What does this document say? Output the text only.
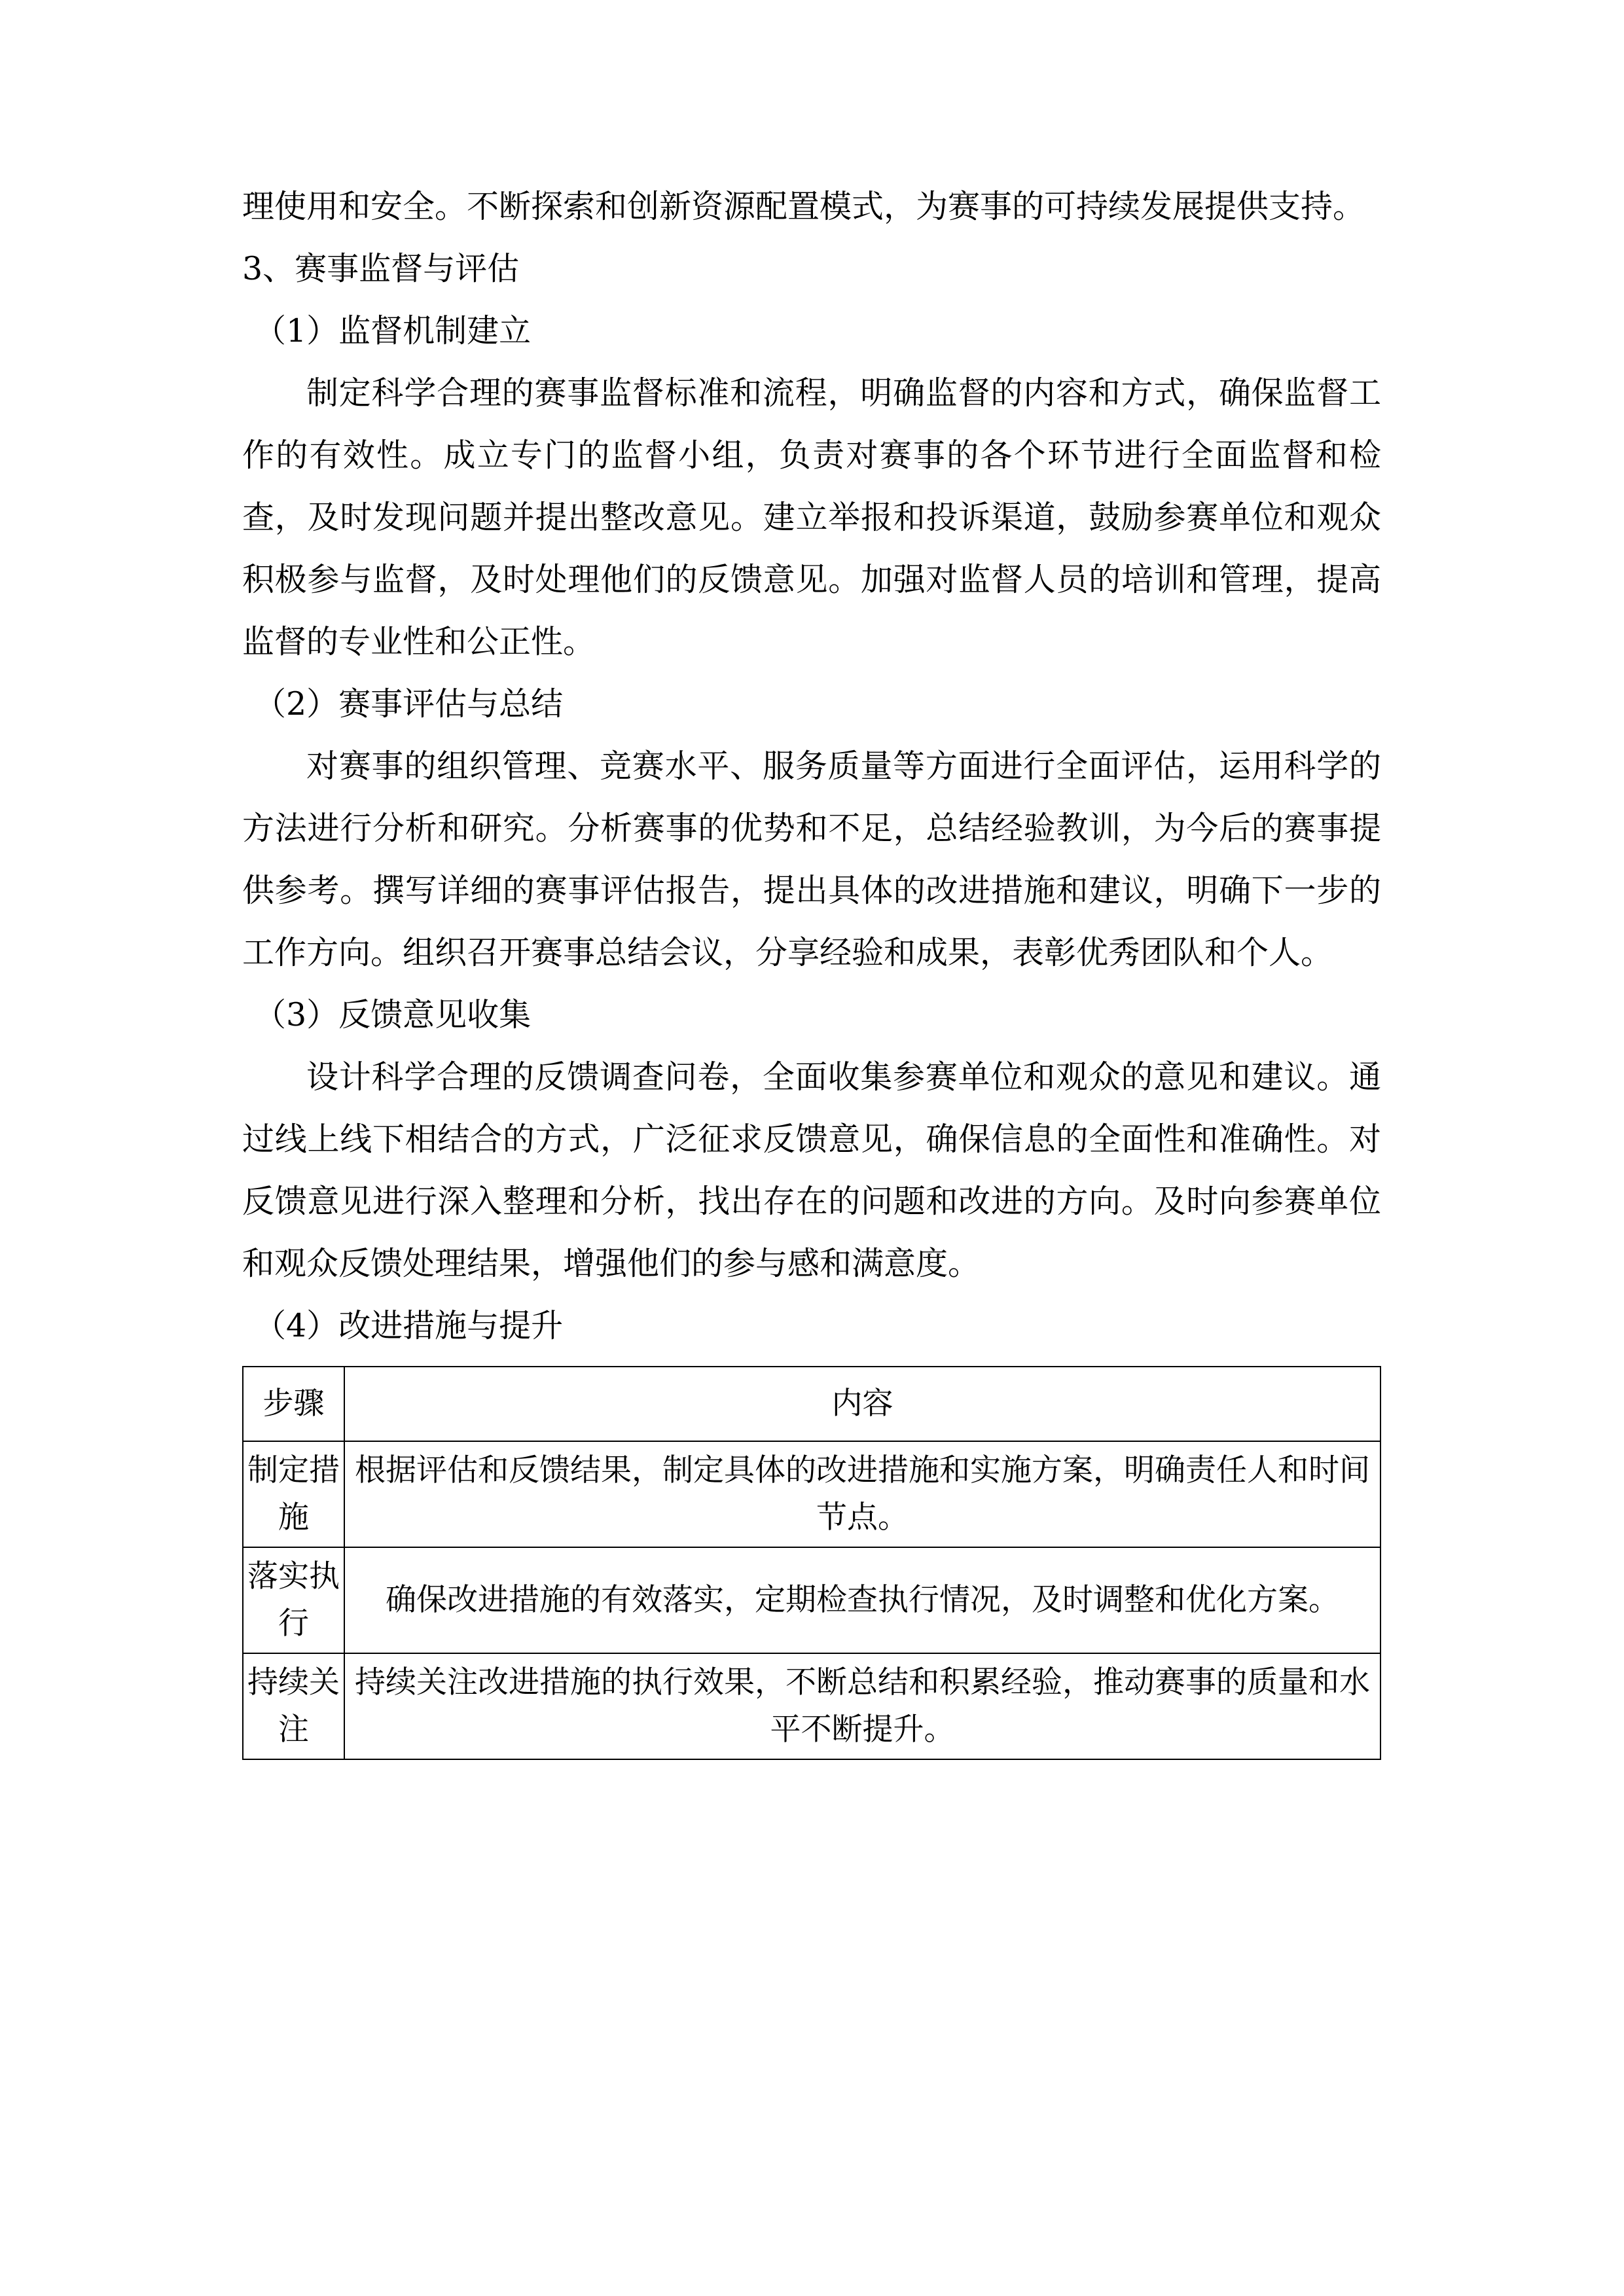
理使用和安全。不断探索和创新资源配置模式，为赛事的可持续发展提供支持。

3、赛事监督与评估

（1）监督机制建立

制定科学合理的赛事监督标准和流程，明确监督的内容和方式，确保监督工作的有效性。成立专门的监督小组，负责对赛事的各个环节进行全面监督和检查，及时发现问题并提出整改意见。建立举报和投诉渠道，鼓励参赛单位和观众积极参与监督，及时处理他们的反馈意见。加强对监督人员的培训和管理，提高监督的专业性和公正性。

（2）赛事评估与总结

对赛事的组织管理、竞赛水平、服务质量等方面进行全面评估，运用科学的方法进行分析和研究。分析赛事的优势和不足，总结经验教训，为今后的赛事提供参考。撰写详细的赛事评估报告，提出具体的改进措施和建议，明确下一步的工作方向。组织召开赛事总结会议，分享经验和成果，表彰优秀团队和个人。

（3）反馈意见收集

设计科学合理的反馈调查问卷，全面收集参赛单位和观众的意见和建议。通过线上线下相结合的方式，广泛征求反馈意见，确保信息的全面性和准确性。对反馈意见进行深入整理和分析，找出存在的问题和改进的方向。及时向参赛单位和观众反馈处理结果，增强他们的参与感和满意度。

（4）改进措施与提升

步骤	内容
制定措施	根据评估和反馈结果，制定具体的改进措施和实施方案，明确责任人和时间节点。
落实执行	确保改进措施的有效落实，定期检查执行情况，及时调整和优化方案。
持续关注	持续关注改进措施的执行效果，不断总结和积累经验，推动赛事的质量和水平不断提升。
